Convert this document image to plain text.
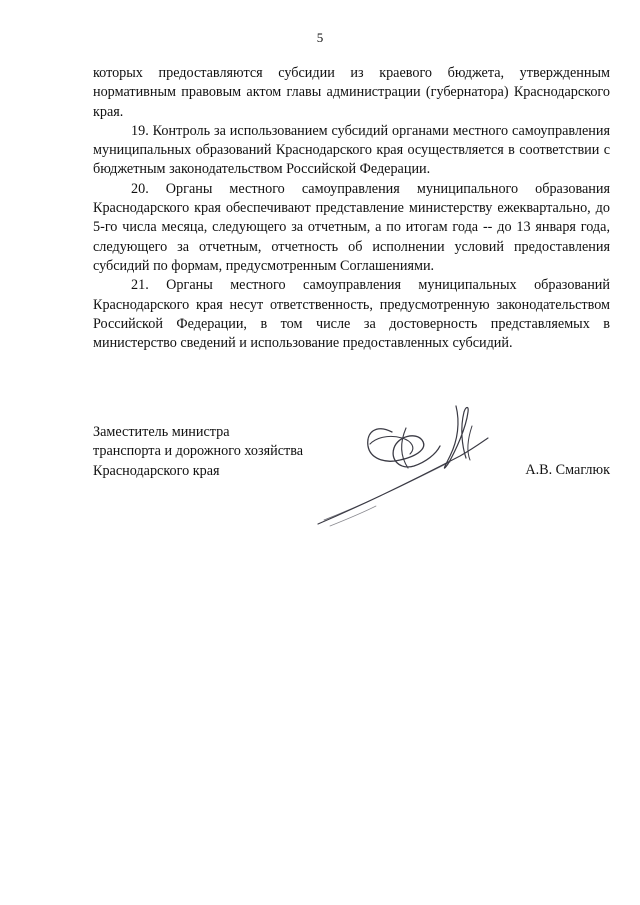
5

которых предоставляются субсидии из краевого бюджета, утвержденным нормативным правовым актом главы администрации (губернатора) Краснодарского края.

19. Контроль за использованием субсидий органами местного самоуправления муниципальных образований Краснодарского края осуществляется в соответствии с бюджетным законодательством Российской Федерации.

20. Органы местного самоуправления муниципального образования Краснодарского края обеспечивают представление министерству ежеквартально, до 5-го числа месяца, следующего за отчетным, а по итогам года -- до 13 января года, следующего за отчетным, отчетность об исполнении условий предоставления субсидий по формам, предусмотренным Соглашениями.

21. Органы местного самоуправления муниципальных образований Краснодарского края несут ответственность, предусмотренную законодательством Российской Федерации, в том числе за достоверность представляемых в министерство сведений и использование предоставленных субсидий.

Заместитель министра
транспорта и дорожного хозяйства
Краснодарского края	А.В. Смаглюк
